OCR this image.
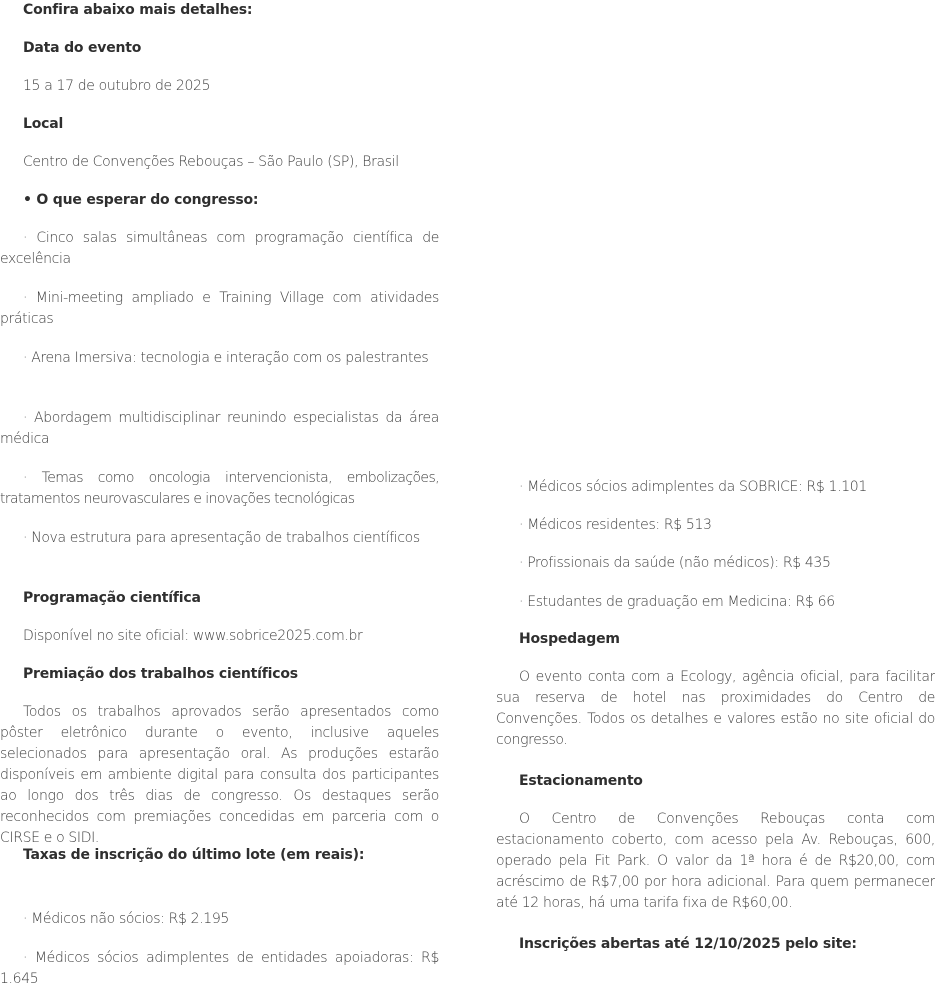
Confira abaixo mais detalhes:

Data do evento

15 a 17 de outubro de 2025

Local

Centro de Convenções Rebouças – São Paulo (SP), Brasil

• O que esperar do congresso:

· Cinco salas simultâneas com programação científica de excelência

· Mini-meeting ampliado e Training Village com atividades práticas

· Arena Imersiva: tecnologia e interação com os palestrantes

· Abordagem multidisciplinar reunindo especialistas da área médica

· Temas como oncologia intervencionista, embolizações, tratamentos neurovasculares e inovações tecnológicas

· Nova estrutura para apresentação de trabalhos científicos

Programação científica

Disponível no site oficial: www.sobrice2025.com.br

Premiação dos trabalhos científicos

Todos os trabalhos aprovados serão apresentados como pôster eletrônico durante o evento, inclusive aqueles selecionados para apresentação oral. As produções estarão disponíveis em ambiente digital para consulta dos participantes ao longo dos três dias de congresso. Os destaques serão reconhecidos com premiações concedidas em parceria com o CIRSE e o SIDI.

Taxas de inscrição do último lote (em reais):

· Médicos não sócios: R$ 2.195

· Médicos sócios adimplentes de entidades apoiadoras: R$ 1.645

· Médicos sócios adimplentes da SOBRICE: R$ 1.101

· Médicos residentes: R$ 513

· Profissionais da saúde (não médicos): R$ 435

· Estudantes de graduação em Medicina: R$ 66

Hospedagem

O evento conta com a Ecology, agência oficial, para facilitar sua reserva de hotel nas proximidades do Centro de Convenções. Todos os detalhes e valores estão no site oficial do congresso.

Estacionamento

O Centro de Convenções Rebouças conta com estacionamento coberto, com acesso pela Av. Rebouças, 600, operado pela Fit Park. O valor da 1ª hora é de R$20,00, com acréscimo de R$7,00 por hora adicional. Para quem permanecer até 12 horas, há uma tarifa fixa de R$60,00.

Inscrições abertas até 12/10/2025 pelo site:
